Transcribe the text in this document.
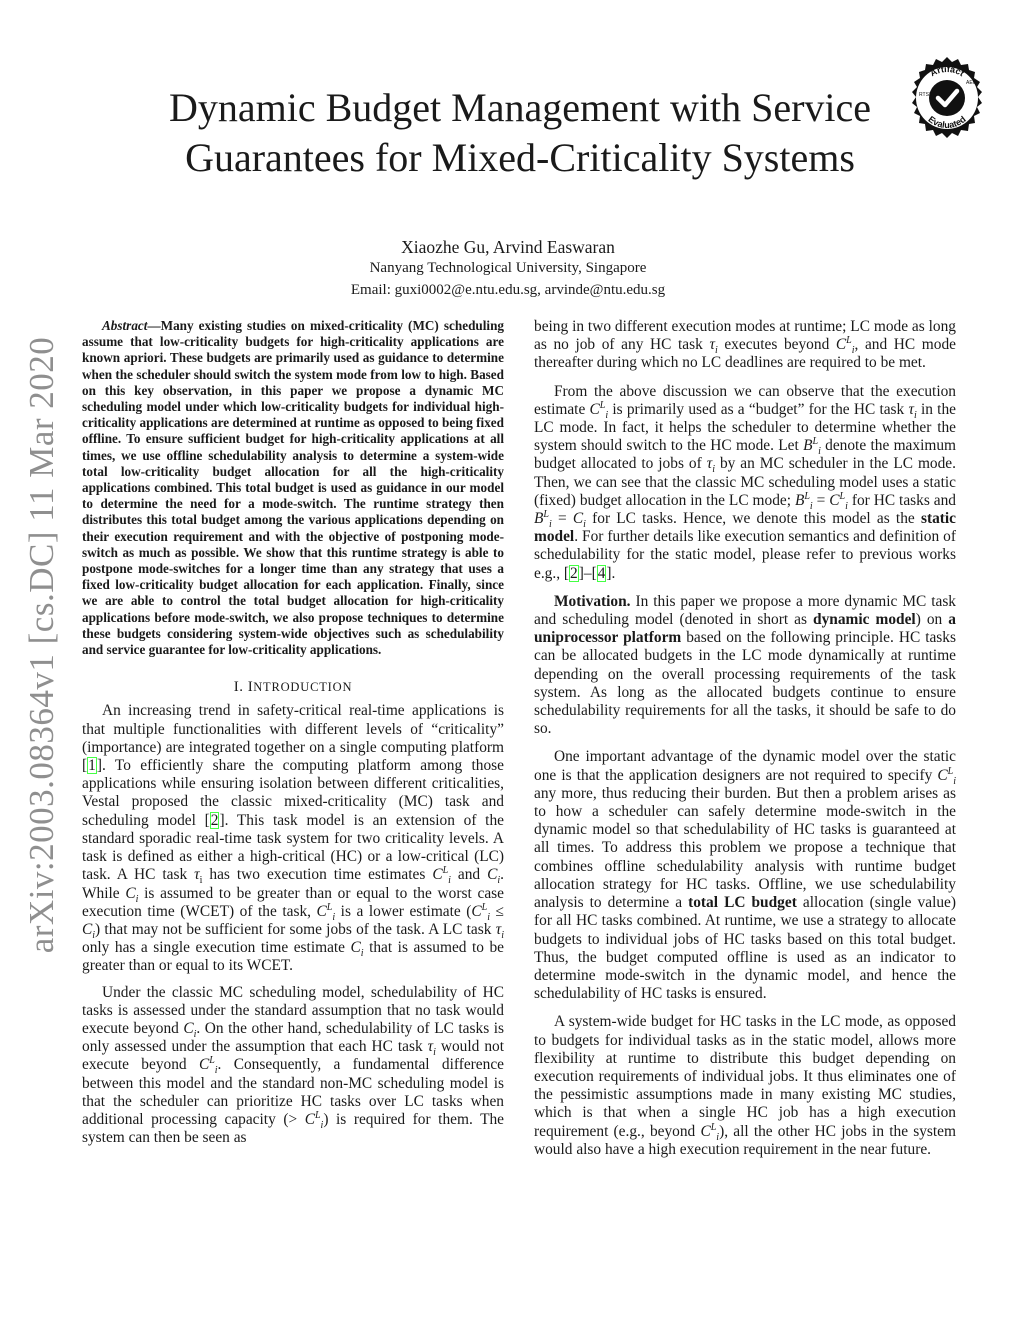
arXiv:2003.08364v1 [cs.DC] 11 Mar 2020
Artifact
Evaluated
RTSS
AEC
Dynamic Budget Management with Service
Guarantees for Mixed-Criticality Systems
Xiaozhe Gu, Arvind Easwaran
Nanyang Technological University, Singapore
Email: guxi0002@e.ntu.edu.sg, arvinde@ntu.edu.sg
Abstract—Many existing studies on mixed-criticality (MC) scheduling assume that low-criticality budgets for high-criticality applications are known apriori. These budgets are primarily used as guidance to determine when the scheduler should switch the system mode from low to high. Based on this key observation, in this paper we propose a dynamic MC scheduling model under which low-criticality budgets for individual high-criticality applications are determined at runtime as opposed to being fixed offline. To ensure sufficient budget for high-criticality applications at all times, we use offline schedulability analysis to determine a system-wide total low-criticality budget allocation for all the high-criticality applications combined. This total budget is used as guidance in our model to determine the need for a mode-switch. The runtime strategy then distributes this total budget among the various applications depending on their execution requirement and with the objective of postponing mode-switch as much as possible. We show that this runtime strategy is able to postpone mode-switches for a longer time than any strategy that uses a fixed low-criticality budget allocation for each application. Finally, since we are able to control the total budget allocation for high-criticality applications before mode-switch, we also propose techniques to determine these budgets considering system-wide objectives such as schedulability and service guarantee for low-criticality applications.
I. INTRODUCTION

An increasing trend in safety-critical real-time applications is that multiple functionalities with different levels of “criticality” (importance) are integrated together on a single computing platform [1]. To efficiently share the computing platform among those applications while ensuring isolation between different criticalities, Vestal proposed the classic mixed-criticality (MC) task and scheduling model [2]. This task model is an extension of the standard sporadic real-time task system for two criticality levels. A task is defined as either a high-critical (HC) or a low-critical (LC) task. A HC task $\tau_i$ has two execution time estimates $C^L_i$ and $C_i$. While $C_i$ is assumed to be greater than or equal to the worst case execution time (WCET) of the task, $C^L_i$ is a lower estimate $(C^L_i \le C_i)$ that may not be sufficient for some jobs of the task. A LC task $\tau_i$ only has a single execution time estimate $C_i$ that is assumed to be greater than or equal to its WCET.

Under the classic MC scheduling model, schedulability of HC tasks is assessed under the standard assumption that no task would execute beyond $C_i$. On the other hand, schedulability of LC tasks is only assessed under the assumption that each HC task $\tau_i$ would not execute beyond $C^L_i$. Consequently, a fundamental difference between this model and the standard non-MC scheduling model is that the scheduler can prioritize HC tasks over LC tasks when additional processing capacity (> $C^L_i$) is required for them. The system can then be seen as

being in two different execution modes at runtime; LC mode as long as no job of any HC task $\tau_i$ executes beyond $C^L_i$, and HC mode thereafter during which no LC deadlines are required to be met.

From the above discussion we can observe that the execution estimate $C^L_i$ is primarily used as a “budget” for the HC task $\tau_i$ in the LC mode. In fact, it helps the scheduler to determine whether the system should switch to the HC mode. Let $B^L_i$ denote the maximum budget allocated to jobs of $\tau_i$ by an MC scheduler in the LC mode. Then, we can see that the classic MC scheduling model uses a static (fixed) budget allocation in the LC mode; $B^L_i = C^L_i$ for HC tasks and $B^L_i = C_i$ for LC tasks. Hence, we denote this model as the static model. For further details like execution semantics and definition of schedulability for the static model, please refer to previous works e.g., [2]–[4].

Motivation. In this paper we propose a more dynamic MC task and scheduling model (denoted in short as dynamic model) on a uniprocessor platform based on the following principle. HC tasks can be allocated budgets in the LC mode dynamically at runtime depending on the overall processing requirements of the task system. As long as the allocated budgets continue to ensure schedulability requirements for all the tasks, it should be safe to do so.

One important advantage of the dynamic model over the static one is that the application designers are not required to specify $C^L_i$ any more, thus reducing their burden. But then a problem arises as to how a scheduler can safely determine mode-switch in the dynamic model so that schedulability of HC tasks is guaranteed at all times. To address this problem we propose a technique that combines offline schedulability analysis with runtime budget allocation strategy for HC tasks. Offline, we use schedulability analysis to determine a total LC budget allocation (single value) for all HC tasks combined. At runtime, we use a strategy to allocate budgets to individual jobs of HC tasks based on this total budget. Thus, the budget computed offline is used as an indicator to determine mode-switch in the dynamic model, and hence the schedulability of HC tasks is ensured.

A system-wide budget for HC tasks in the LC mode, as opposed to budgets for individual tasks as in the static model, allows more flexibility at runtime to distribute this budget depending on execution requirements of individual jobs. It thus eliminates one of the pessimistic assumptions made in many existing MC studies, which is that when a single HC job has a high execution requirement (e.g., beyond $C^L_i$), all the other HC jobs in the system would also have a high execution requirement in the near future.
